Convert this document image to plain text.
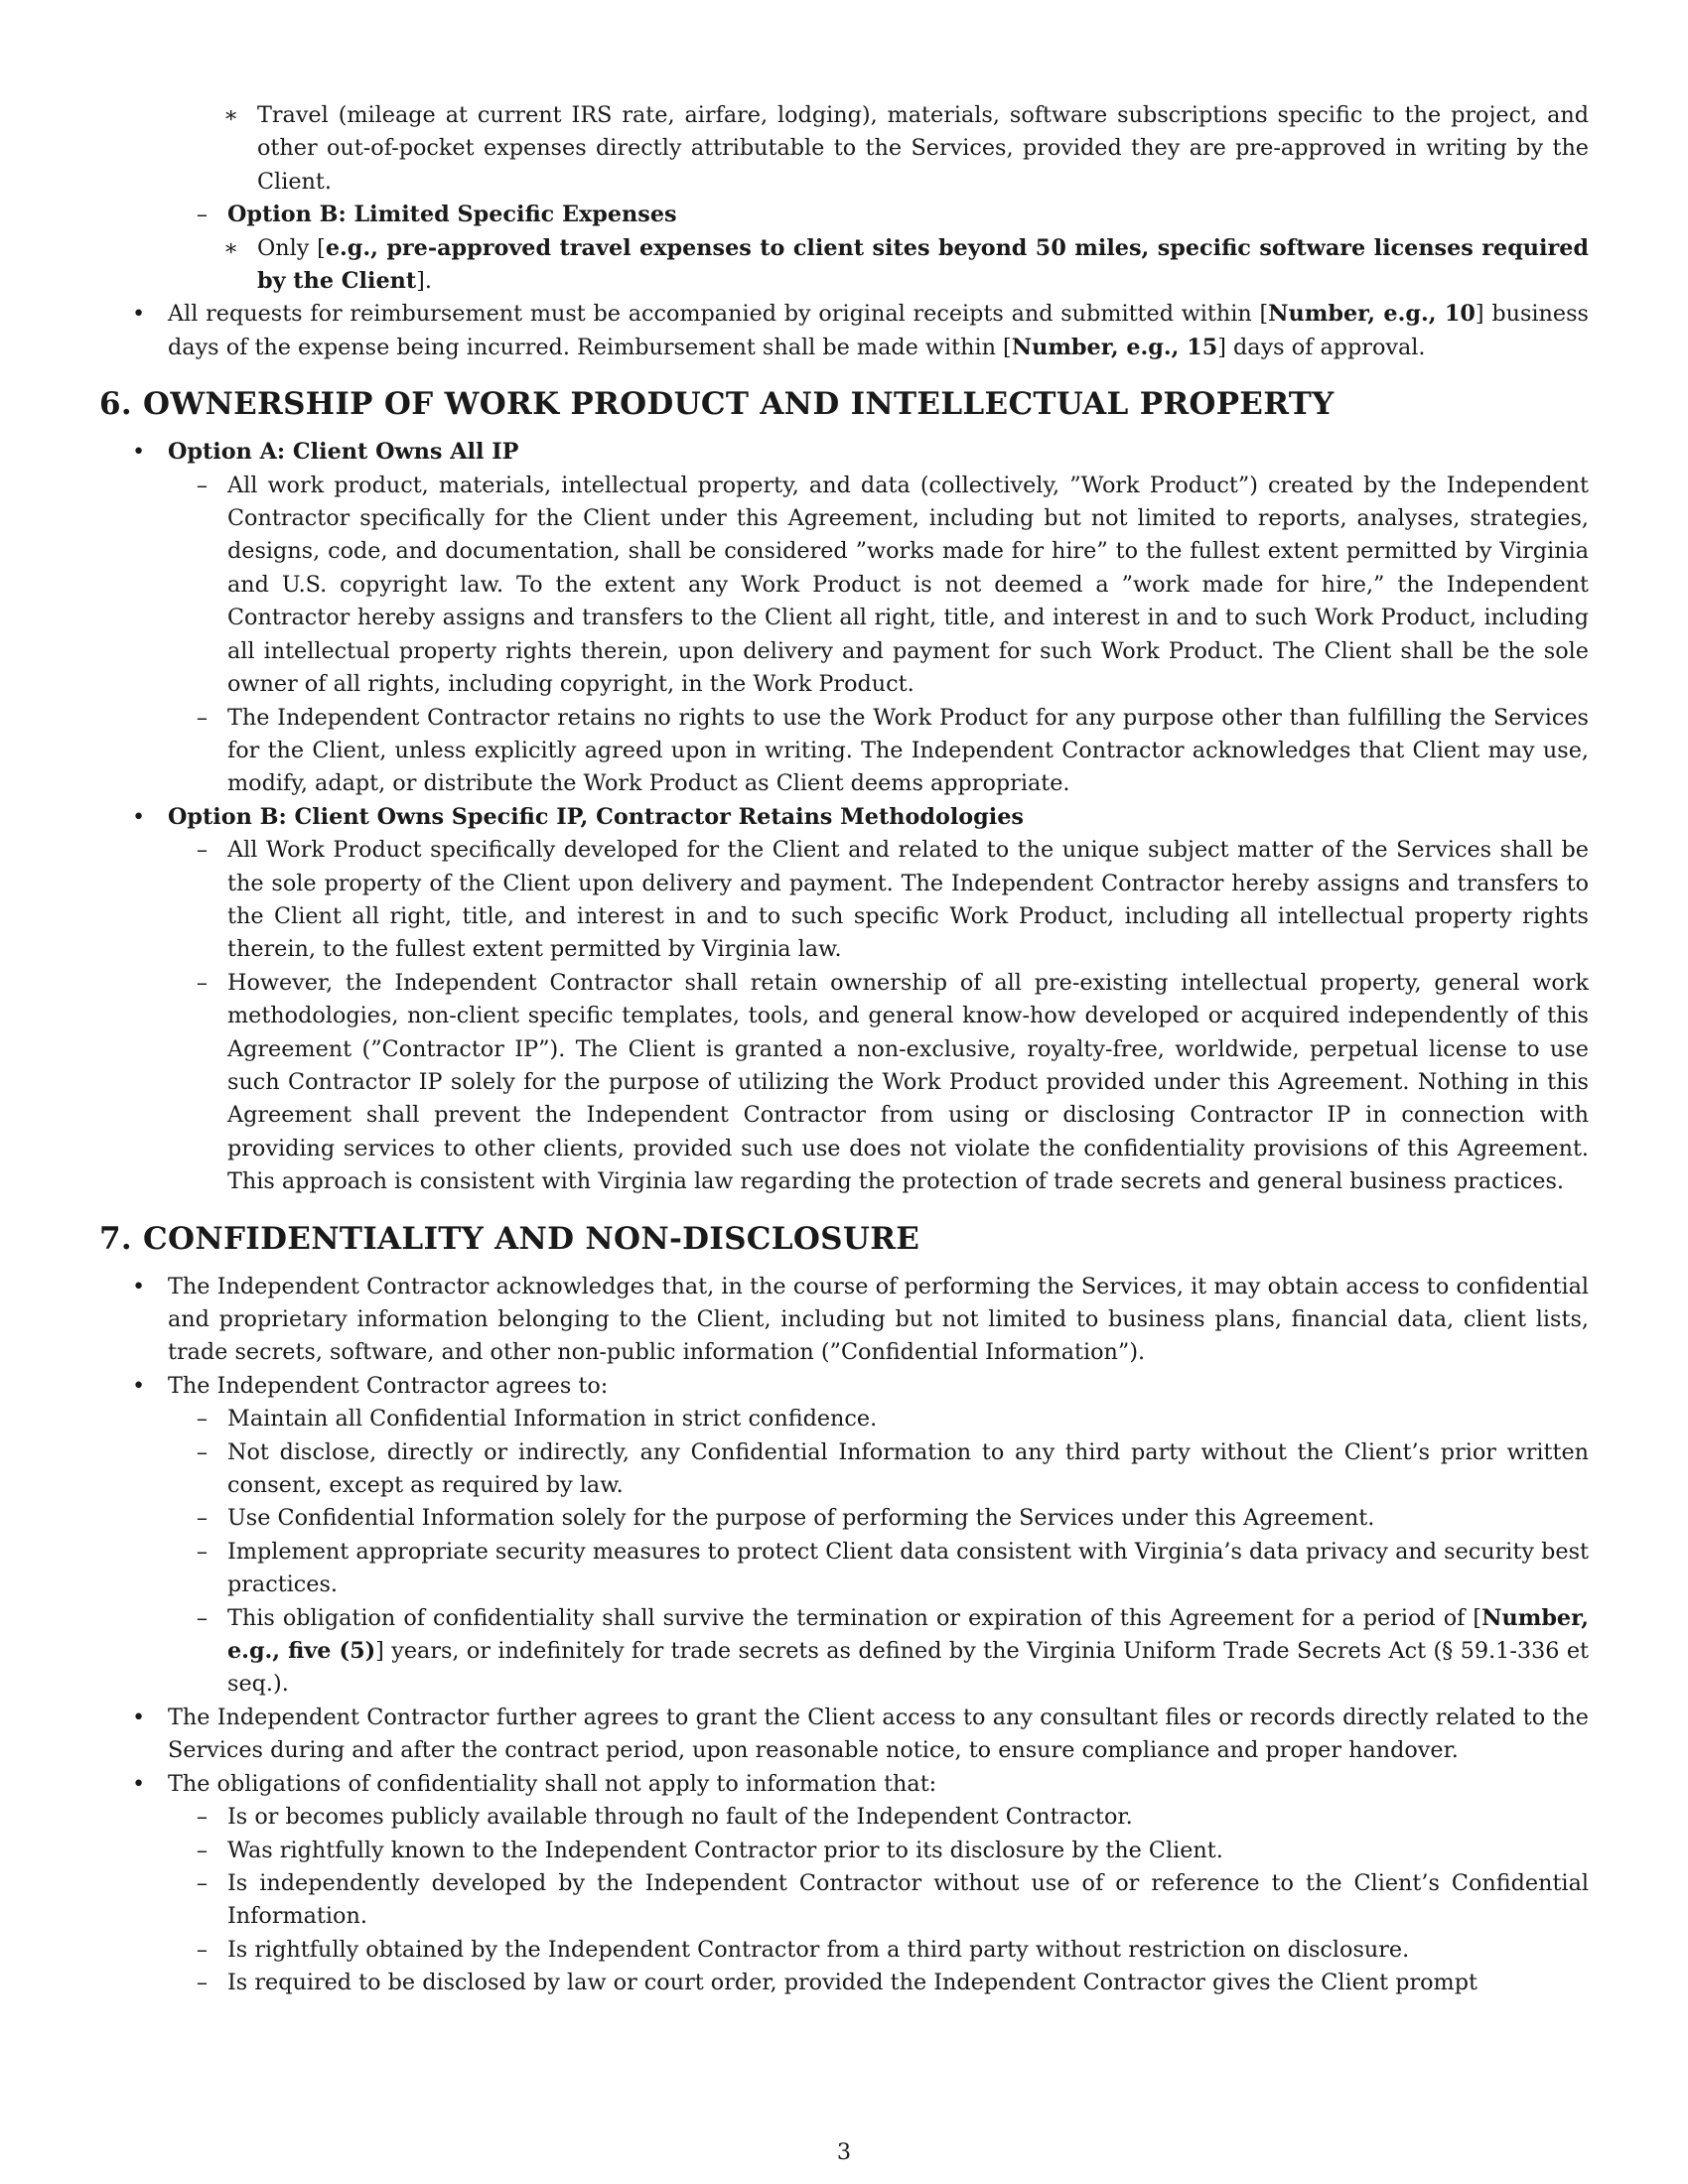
∗ Travel (mileage at current IRS rate, airfare, lodging), materials, software subscriptions specific to the project, and other out-of-pocket expenses directly attributable to the Services, provided they are pre-approved in writing by the Client.
– Option B: Limited Specific Expenses
∗ Only [e.g., pre-approved travel expenses to client sites beyond 50 miles, specific software licenses required by the Client].
•	All requests for reimbursement must be accompanied by original receipts and submitted within [Number, e.g., 10] business days of the expense being incurred. Reimbursement shall be made within [Number, e.g., 15] days of approval.
6. OWNERSHIP OF WORK PRODUCT AND INTELLECTUAL PROPERTY
•	Option A: Client Owns All IP
– All work product, materials, intellectual property, and data (collectively, ”Work Product”) created by the Independent Contractor specifically for the Client under this Agreement, including but not limited to reports, analyses, strategies, designs, code, and documentation, shall be considered ”works made for hire” to the fullest extent permitted by Virginia and U.S. copyright law. To the extent any Work Product is not deemed a ”work made for hire,” the Independent Contractor hereby assigns and transfers to the Client all right, title, and interest in and to such Work Product, including all intellectual property rights therein, upon delivery and payment for such Work Product. The Client shall be the sole owner of all rights, including copyright, in the Work Product.
– The Independent Contractor retains no rights to use the Work Product for any purpose other than fulfilling the Services for the Client, unless explicitly agreed upon in writing. The Independent Contractor acknowledges that Client may use, modify, adapt, or distribute the Work Product as Client deems appropriate.
•	Option B: Client Owns Specific IP, Contractor Retains Methodologies
– All Work Product specifically developed for the Client and related to the unique subject matter of the Services shall be the sole property of the Client upon delivery and payment. The Independent Contractor hereby assigns and transfers to the Client all right, title, and interest in and to such specific Work Product, including all intellectual property rights therein, to the fullest extent permitted by Virginia law.
– However, the Independent Contractor shall retain ownership of all pre-existing intellectual property, general work methodologies, non-client specific templates, tools, and general know-how developed or acquired independently of this Agreement (”Contractor IP”). The Client is granted a non-exclusive, royalty-free, worldwide, perpetual license to use such Contractor IP solely for the purpose of utilizing the Work Product provided under this Agreement. Nothing in this Agreement shall prevent the Independent Contractor from using or disclosing Contractor IP in connection with providing services to other clients, provided such use does not violate the confidentiality provisions of this Agreement. This approach is consistent with Virginia law regarding the protection of trade secrets and general business practices.
7. CONFIDENTIALITY AND NON-DISCLOSURE
•	The Independent Contractor acknowledges that, in the course of performing the Services, it may obtain access to confidential and proprietary information belonging to the Client, including but not limited to business plans, financial data, client lists, trade secrets, software, and other non-public information (”Confidential Information”).
•	The Independent Contractor agrees to:
– Maintain all Confidential Information in strict confidence.
– Not disclose, directly or indirectly, any Confidential Information to any third party without the Client’s prior written consent, except as required by law.
– Use Confidential Information solely for the purpose of performing the Services under this Agreement.
– Implement appropriate security measures to protect Client data consistent with Virginia’s data privacy and security best practices.
– This obligation of confidentiality shall survive the termination or expiration of this Agreement for a period of [Number, e.g., five (5)] years, or indefinitely for trade secrets as defined by the Virginia Uniform Trade Secrets Act (§ 59.1-336 et seq.).
•	The Independent Contractor further agrees to grant the Client access to any consultant files or records directly related to the Services during and after the contract period, upon reasonable notice, to ensure compliance and proper handover.
•	The obligations of confidentiality shall not apply to information that:
– Is or becomes publicly available through no fault of the Independent Contractor.
– Was rightfully known to the Independent Contractor prior to its disclosure by the Client.
– Is independently developed by the Independent Contractor without use of or reference to the Client’s Confidential Information.
– Is rightfully obtained by the Independent Contractor from a third party without restriction on disclosure.
– Is required to be disclosed by law or court order, provided the Independent Contractor gives the Client prompt
3
